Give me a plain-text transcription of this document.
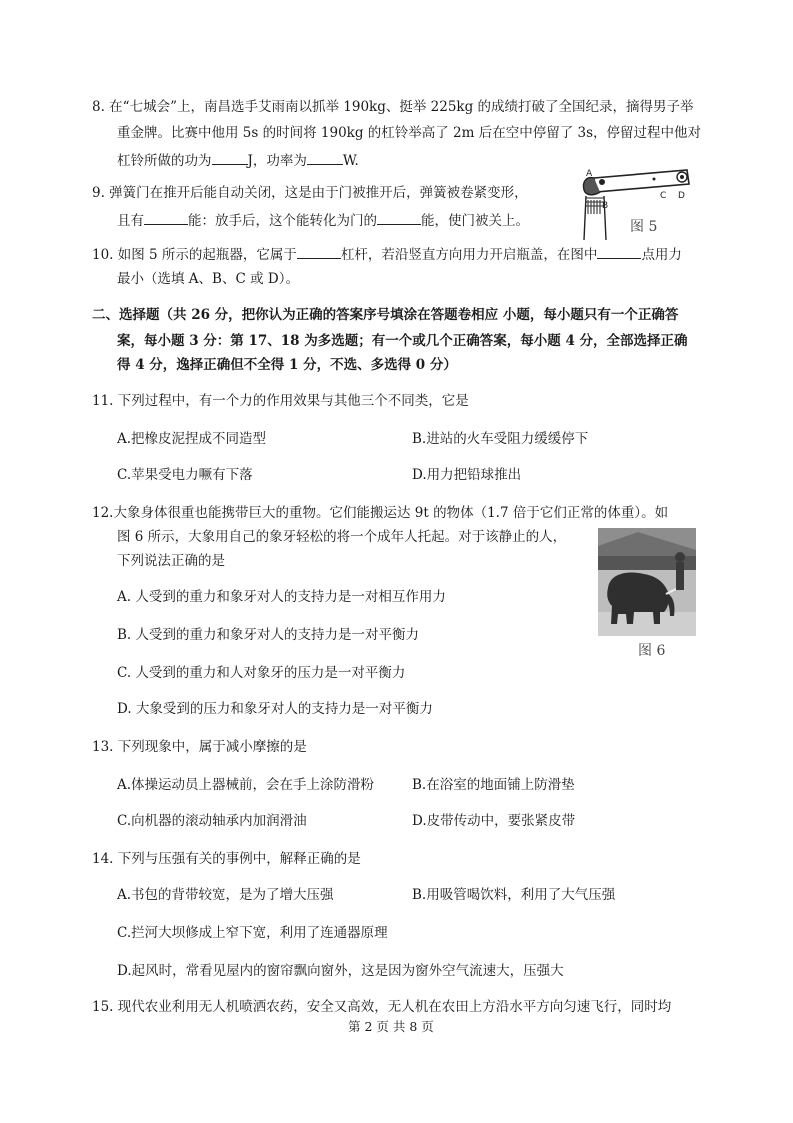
8. 在“七城会”上，南昌选手艾雨南以抓举 190kg、挺举 225kg 的成绩打破了全国纪录，摘得男子举
重金牌。比赛中他用 5s 的时间将 190kg 的杠铃举高了 2m 后在空中停留了 3s，停留过程中他对
杠铃所做的功为	J，功率为	W.
9. 弹簧门在推开后能自动关闭，这是由于门被推开后，弹簧被卷紧变形，
且有	能：放手后，这个能转化为门的	能，使门被关上。
A
B
C D
图 5
10. 如图 5 所示的起瓶器，它属于	杠杆，若沿竖直方向用力开启瓶盖，在图中	点用力
最小（选填 A、B、C 或 D）。
二、选择题（共 26 分，把你认为正确的答案序号填涂在答题卷相应 小题，每小题只有一个正确答
案，每小题 3 分：第 17、18 为多选题；有一个或几个正确答案，每小题 4 分，全部选择正确
得 4 分，逸择正确但不全得 1 分，不选、多选得 0 分）
11. 下列过程中，有一个力的作用效果与其他三个不同类，它是
A.把橡皮泥捏成不同造型	B.进站的火车受阻力缓缓停下
C.苹果受电力噘有下落	D.用力把铅球推出
12.大象身体很重也能携带巨大的重物。它们能搬运达 9t 的物体（1.7 倍于它们正常的体重）。如
图 6 所示，大象用自己的象牙轻松的将一个成年人托起。对于该静止的人，
下列说法正确的是
A. 人受到的重力和象牙对人的支持力是一对相互作用力
B. 人受到的重力和象牙对人的支持力是一对平衡力
C. 人受到的重力和人对象牙的压力是一对平衡力
D. 大象受到的压力和象牙对人的支持力是一对平衡力
图 6
13. 下列现象中，属于减小摩擦的是
A.体操运动员上器械前，会在手上涂防滑粉	B.在浴室的地面铺上防滑垫
C.向机器的滚动轴承内加润滑油	D.皮带传动中，要张紧皮带
14. 下列与压强有关的事例中，解释正确的是
A.书包的背带较宽，是为了增大压强	B.用吸管喝饮料，利用了大气压强
C.拦河大坝修成上窄下宽，利用了连通器原理
D.起风时，常看见屋内的窗帘飘向窗外，这是因为窗外空气流速大，压强大
15. 现代农业利用无人机喷洒农药，安全又高效，无人机在农田上方沿水平方向匀速飞行，同时均
第 2 页 共 8 页
